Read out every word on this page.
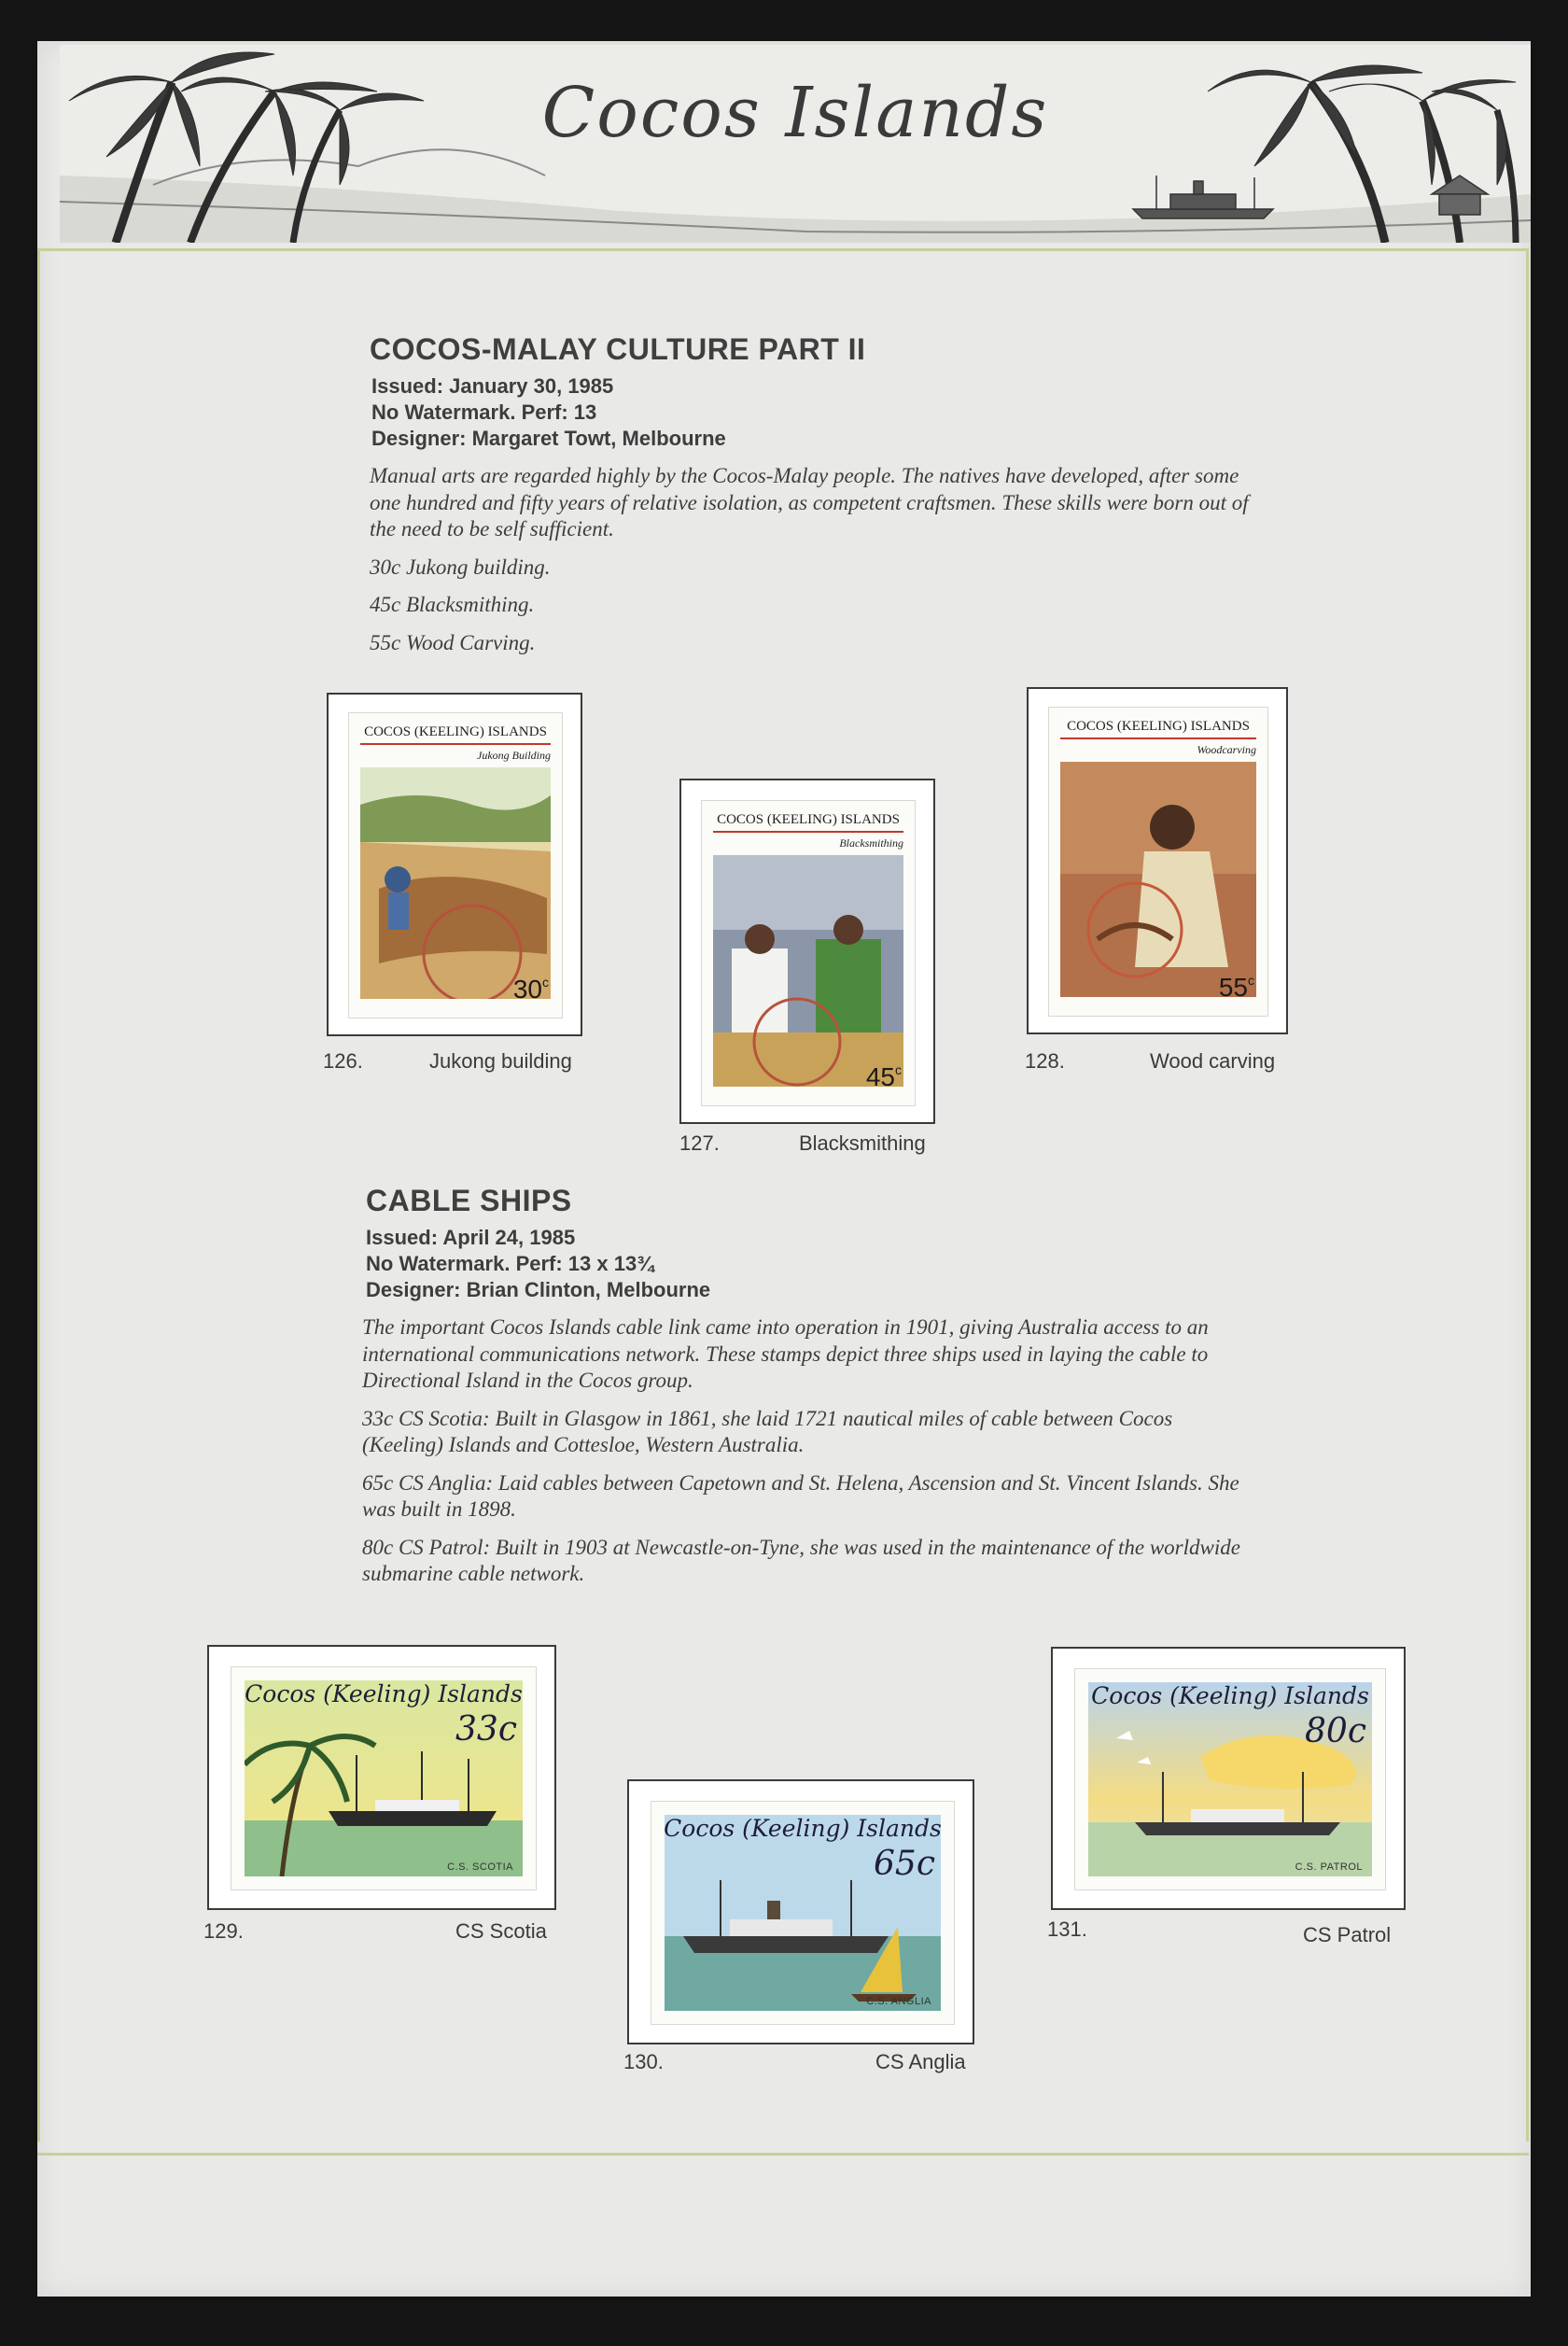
Cocos Islands
COCOS-MALAY CULTURE PART II
Issued: January 30, 1985
No Watermark. Perf: 13
Designer: Margaret Towt, Melbourne

Manual arts are regarded highly by the Cocos-Malay people. The natives have developed, after some one hundred and fifty years of relative isolation, as competent craftsmen. These skills were born out of the need to be self sufficient.

30c Jukong building.

45c Blacksmithing.

55c Wood Carving.

COCOS (KEELING) ISLANDS
Jukong Building
30$^c$
126.	Jukong building
COCOS (KEELING) ISLANDS
Blacksmithing
45$^c$
127.	Blacksmithing
COCOS (KEELING) ISLANDS
Woodcarving
55$^c$
128.	Wood carving
CABLE SHIPS
Issued: April 24, 1985
No Watermark. Perf: 13 x 13¾
Designer: Brian Clinton, Melbourne

The important Cocos Islands cable link came into operation in 1901, giving Australia access to an international communications network. These stamps depict three ships used in laying the cable to Directional Island in the Cocos group.

33c CS Scotia: Built in Glasgow in 1861, she laid 1721 nautical miles of cable between Cocos (Keeling) Islands and Cottesloe, Western Australia.

65c CS Anglia: Laid cables between Capetown and St. Helena, Ascension and St. Vincent Islands. She was built in 1898.

80c CS Patrol: Built in 1903 at Newcastle-on-Tyne, she was used in the maintenance of the worldwide submarine cable network.

Cocos (Keeling) Islands
33c
C.S. SCOTIA
129.	CS Scotia
Cocos (Keeling) Islands
65c
C.S. ANGLIA
130.	CS Anglia
Cocos (Keeling) Islands
80c
C.S. PATROL
131.	CS Patrol
